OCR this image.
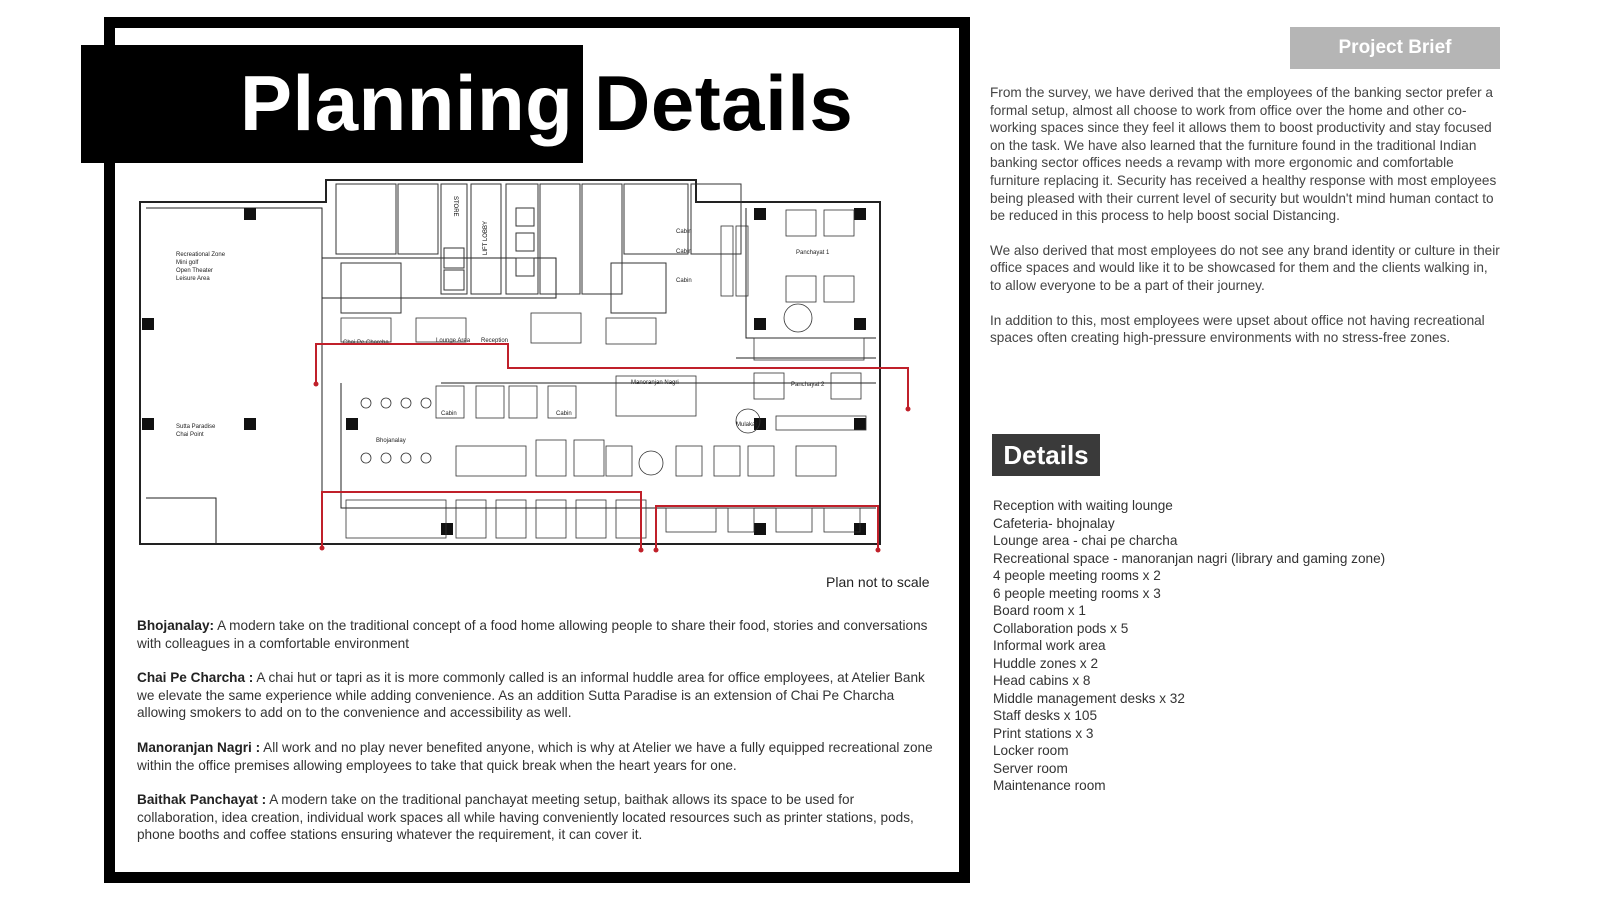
Planning Details
LIFT LOBBY
STORE
Recreational Zone
Mini golf
Open Theater
Leisure Area
Sutta Paradise
Chai Point
Chai Pe Charcha	Lounge Area Reception
Panchayat 1
Panchayat 2
Manoranjan Nagri
Bhojanalay
Cabin	Cabin
Cabin
Cabin
Cabin
Mulakat
Plan not to scale

Bhojanalay: A modern take on the traditional concept of a food home allowing people to share their food, stories and conversations with colleagues in a comfortable environment

Chai Pe Charcha : A chai hut or tapri as it is more commonly called is an informal huddle area for office employees, at Atelier Bank we elevate the same experience while adding convenience. As an addition Sutta Paradise is an extension of Chai Pe Charcha allowing smokers to add on to the convenience and accessibility as well.

Manoranjan Nagri : All work and no play never benefited anyone, which is why at Atelier we have a fully equipped recreational zone within the office premises allowing employees to take that quick break when the heart years for one.

Baithak Panchayat : A modern take on the traditional panchayat meeting setup, baithak allows its space to be used for collaboration, idea creation, individual work spaces all while having conveniently located resources such as printer stations, pods, phone booths and coffee stations ensuring whatever the requirement, it can cover it.

Project Brief

From the survey, we have derived that the employees of the banking sector prefer a formal setup, almost all choose to work from office over the home and other co-working spaces since they feel it allows them to boost productivity and stay focused on the task. We have also learned that the furniture found in the traditional Indian banking sector offices needs a revamp with more ergonomic and comfortable furniture replacing it. Security has received a healthy response with most employees being pleased with their current level of security but wouldn't mind human contact to be reduced in this process to help boost social Distancing.

We also derived that most employees do not see any brand identity or culture in their office spaces and would like it to be showcased for them and the clients walking in, to allow everyone to be a part of their journey.

In addition to this, most employees were upset about office not having recreational spaces often creating high-pressure environments with no stress-free zones.

Details
Reception with waiting lounge
Cafeteria- bhojnalay
Lounge area - chai pe charcha
Recreational space - manoranjan nagri (library and gaming zone)
4 people meeting rooms x 2
6 people meeting rooms x 3
Board room x 1
Collaboration pods x 5
Informal work area
Huddle zones x 2
Head cabins x 8
Middle management desks x 32
Staff desks x 105
Print stations x 3
Locker room
Server room
Maintenance room
